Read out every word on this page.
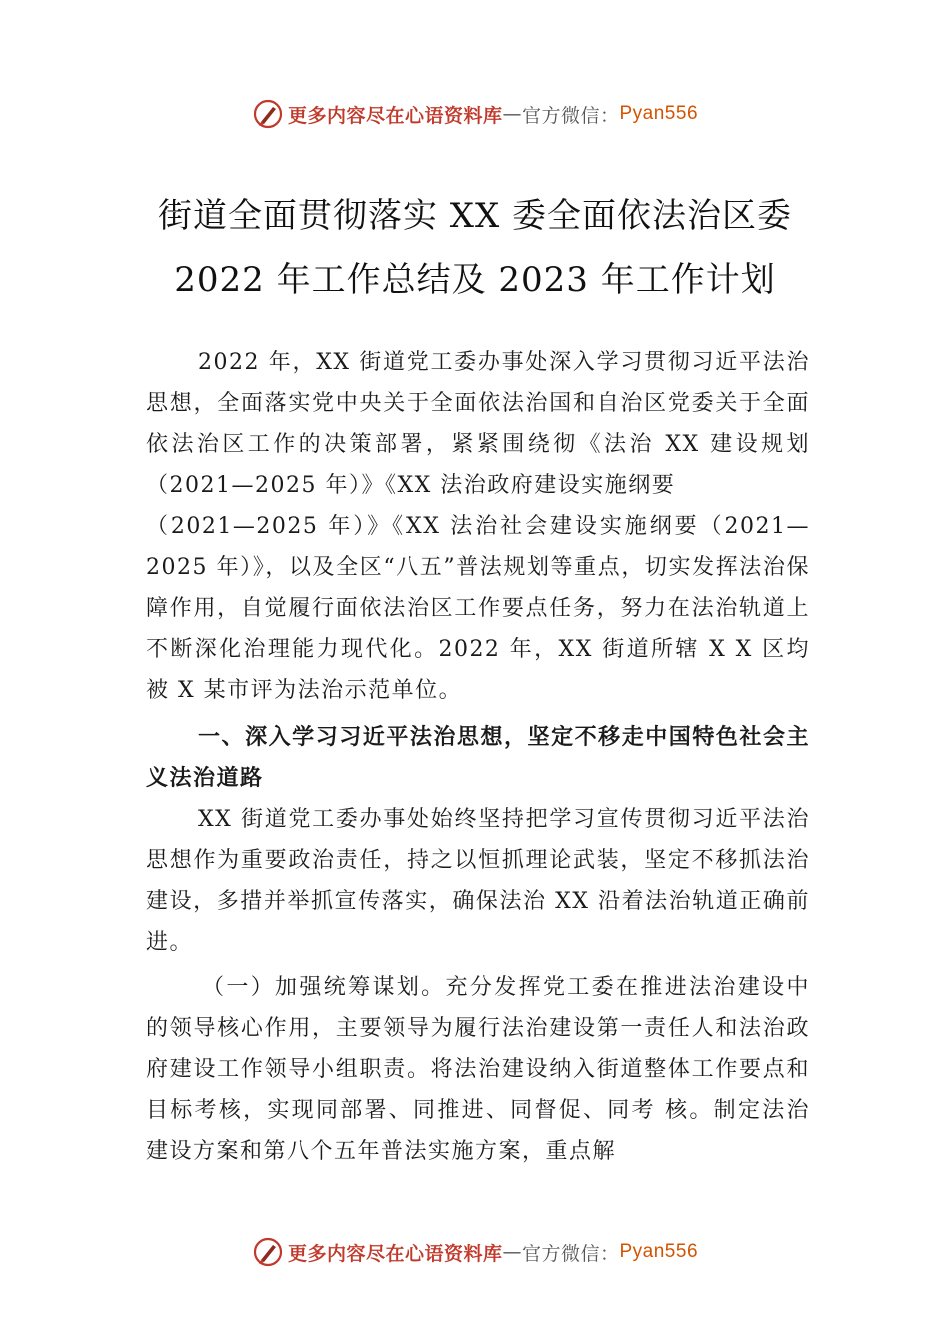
更多内容尽在心语资料库 — 官方微信： Pyan556
街道全面贯彻落实 XX 委全面依法治区委
2022 年工作总结及 2023 年工作计划

2022 年，XX 街道党工委办事处深入学习贯彻习近平法治思想，全面落实党中央关于全面依法治国和自治区党委关于全面依法治区工作的决策部署，紧紧围绕彻《法治 XX 建设规划（2021—2025 年）》《XX 法治政府建设实施纲要

（2021—2025 年）》《XX 法治社会建设实施纲要（2021—2025 年）》，以及全区“八五”普法规划等重点，切实发挥法治保 障作用，自觉履行面依法治区工作要点任务，努力在法治轨道上不断深化治理能力现代化。2022 年，XX 街道所辖 X X 区均被 X 某市评为法治示范单位。

一、深入学习习近平法治思想，坚定不移走中国特色社会主义法治道路

XX 街道党工委办事处始终坚持把学习宣传贯彻习近平法治思想作为重要政治责任，持之以恒抓理论武装，坚定不移抓法治建设，多措并举抓宣传落实，确保法治 XX 沿着法治轨道正确前进。

（一）加强统筹谋划。充分发挥党工委在推进法治建设中的领导核心作用，主要领导为履行法治建设第一责任人和法治政府建设工作领导小组职责。将法治建设纳入街道整体工作要点和目标考核，实现同部署、同推进、同督促、同考 核。制定法治建设方案和第八个五年普法实施方案，重点解

更多内容尽在心语资料库 — 官方微信： Pyan556
